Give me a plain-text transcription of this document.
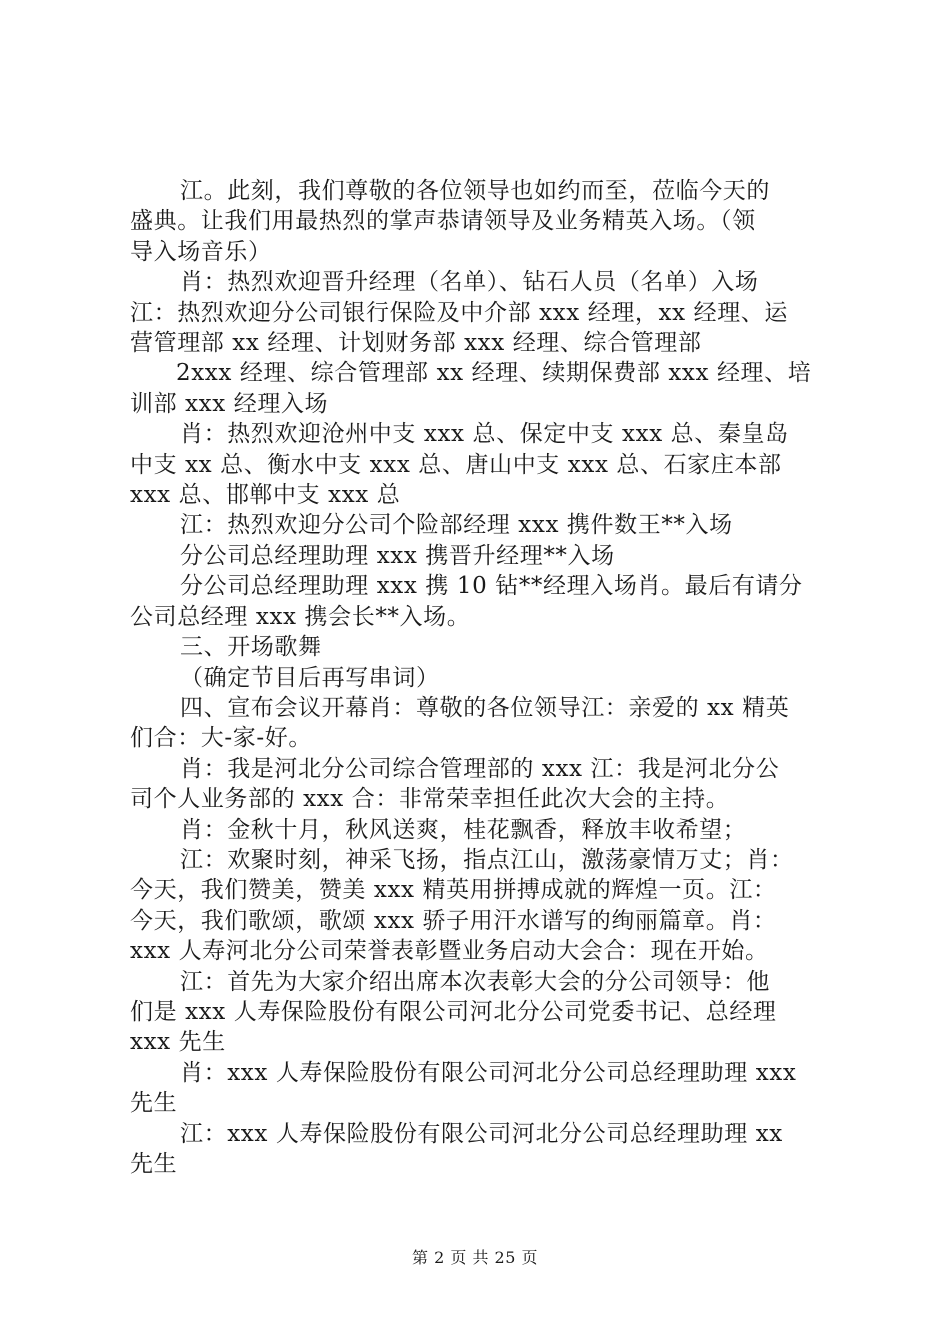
江。此刻，我们尊敬的各位领导也如约而至，莅临今天的
盛典。让我们用最热烈的掌声恭请领导及业务精英入场。（领
导入场音乐）
肖：热烈欢迎晋升经理（名单）、钻石人员（名单）入场
江：热烈欢迎分公司银行保险及中介部 xxx 经理，xx 经理、运
营管理部 xx 经理、计划财务部 xxx 经理、综合管理部
2xxx 经理、综合管理部 xx 经理、续期保费部 xxx 经理、培
训部 xxx 经理入场
肖：热烈欢迎沧州中支 xxx 总、保定中支 xxx 总、秦皇岛
中支 xx 总、衡水中支 xxx 总、唐山中支 xxx 总、石家庄本部
xxx 总、邯郸中支 xxx 总
江：热烈欢迎分公司个险部经理 xxx 携件数王**入场
分公司总经理助理 xxx 携晋升经理**入场
分公司总经理助理 xxx 携 10 钻**经理入场肖。最后有请分
公司总经理 xxx 携会长**入场。
三、开场歌舞
（确定节目后再写串词）
四、宣布会议开幕肖：尊敬的各位领导江：亲爱的 xx 精英
们合：大-家-好。
肖：我是河北分公司综合管理部的 xxx 江：我是河北分公
司个人业务部的 xxx 合：非常荣幸担任此次大会的主持。
肖：金秋十月，秋风送爽，桂花飘香，释放丰收希望；
江：欢聚时刻，神采飞扬，指点江山，激荡豪情万丈；肖：
今天，我们赞美，赞美 xxx 精英用拼搏成就的辉煌一页。江：
今天，我们歌颂，歌颂 xxx 骄子用汗水谱写的绚丽篇章。肖：
xxx 人寿河北分公司荣誉表彰暨业务启动大会合：现在开始。
江：首先为大家介绍出席本次表彰大会的分公司领导：他
们是 xxx 人寿保险股份有限公司河北分公司党委书记、总经理
xxx 先生
肖：xxx 人寿保险股份有限公司河北分公司总经理助理 xxx
先生
江：xxx 人寿保险股份有限公司河北分公司总经理助理 xx
先生
第 2 页 共 25 页
